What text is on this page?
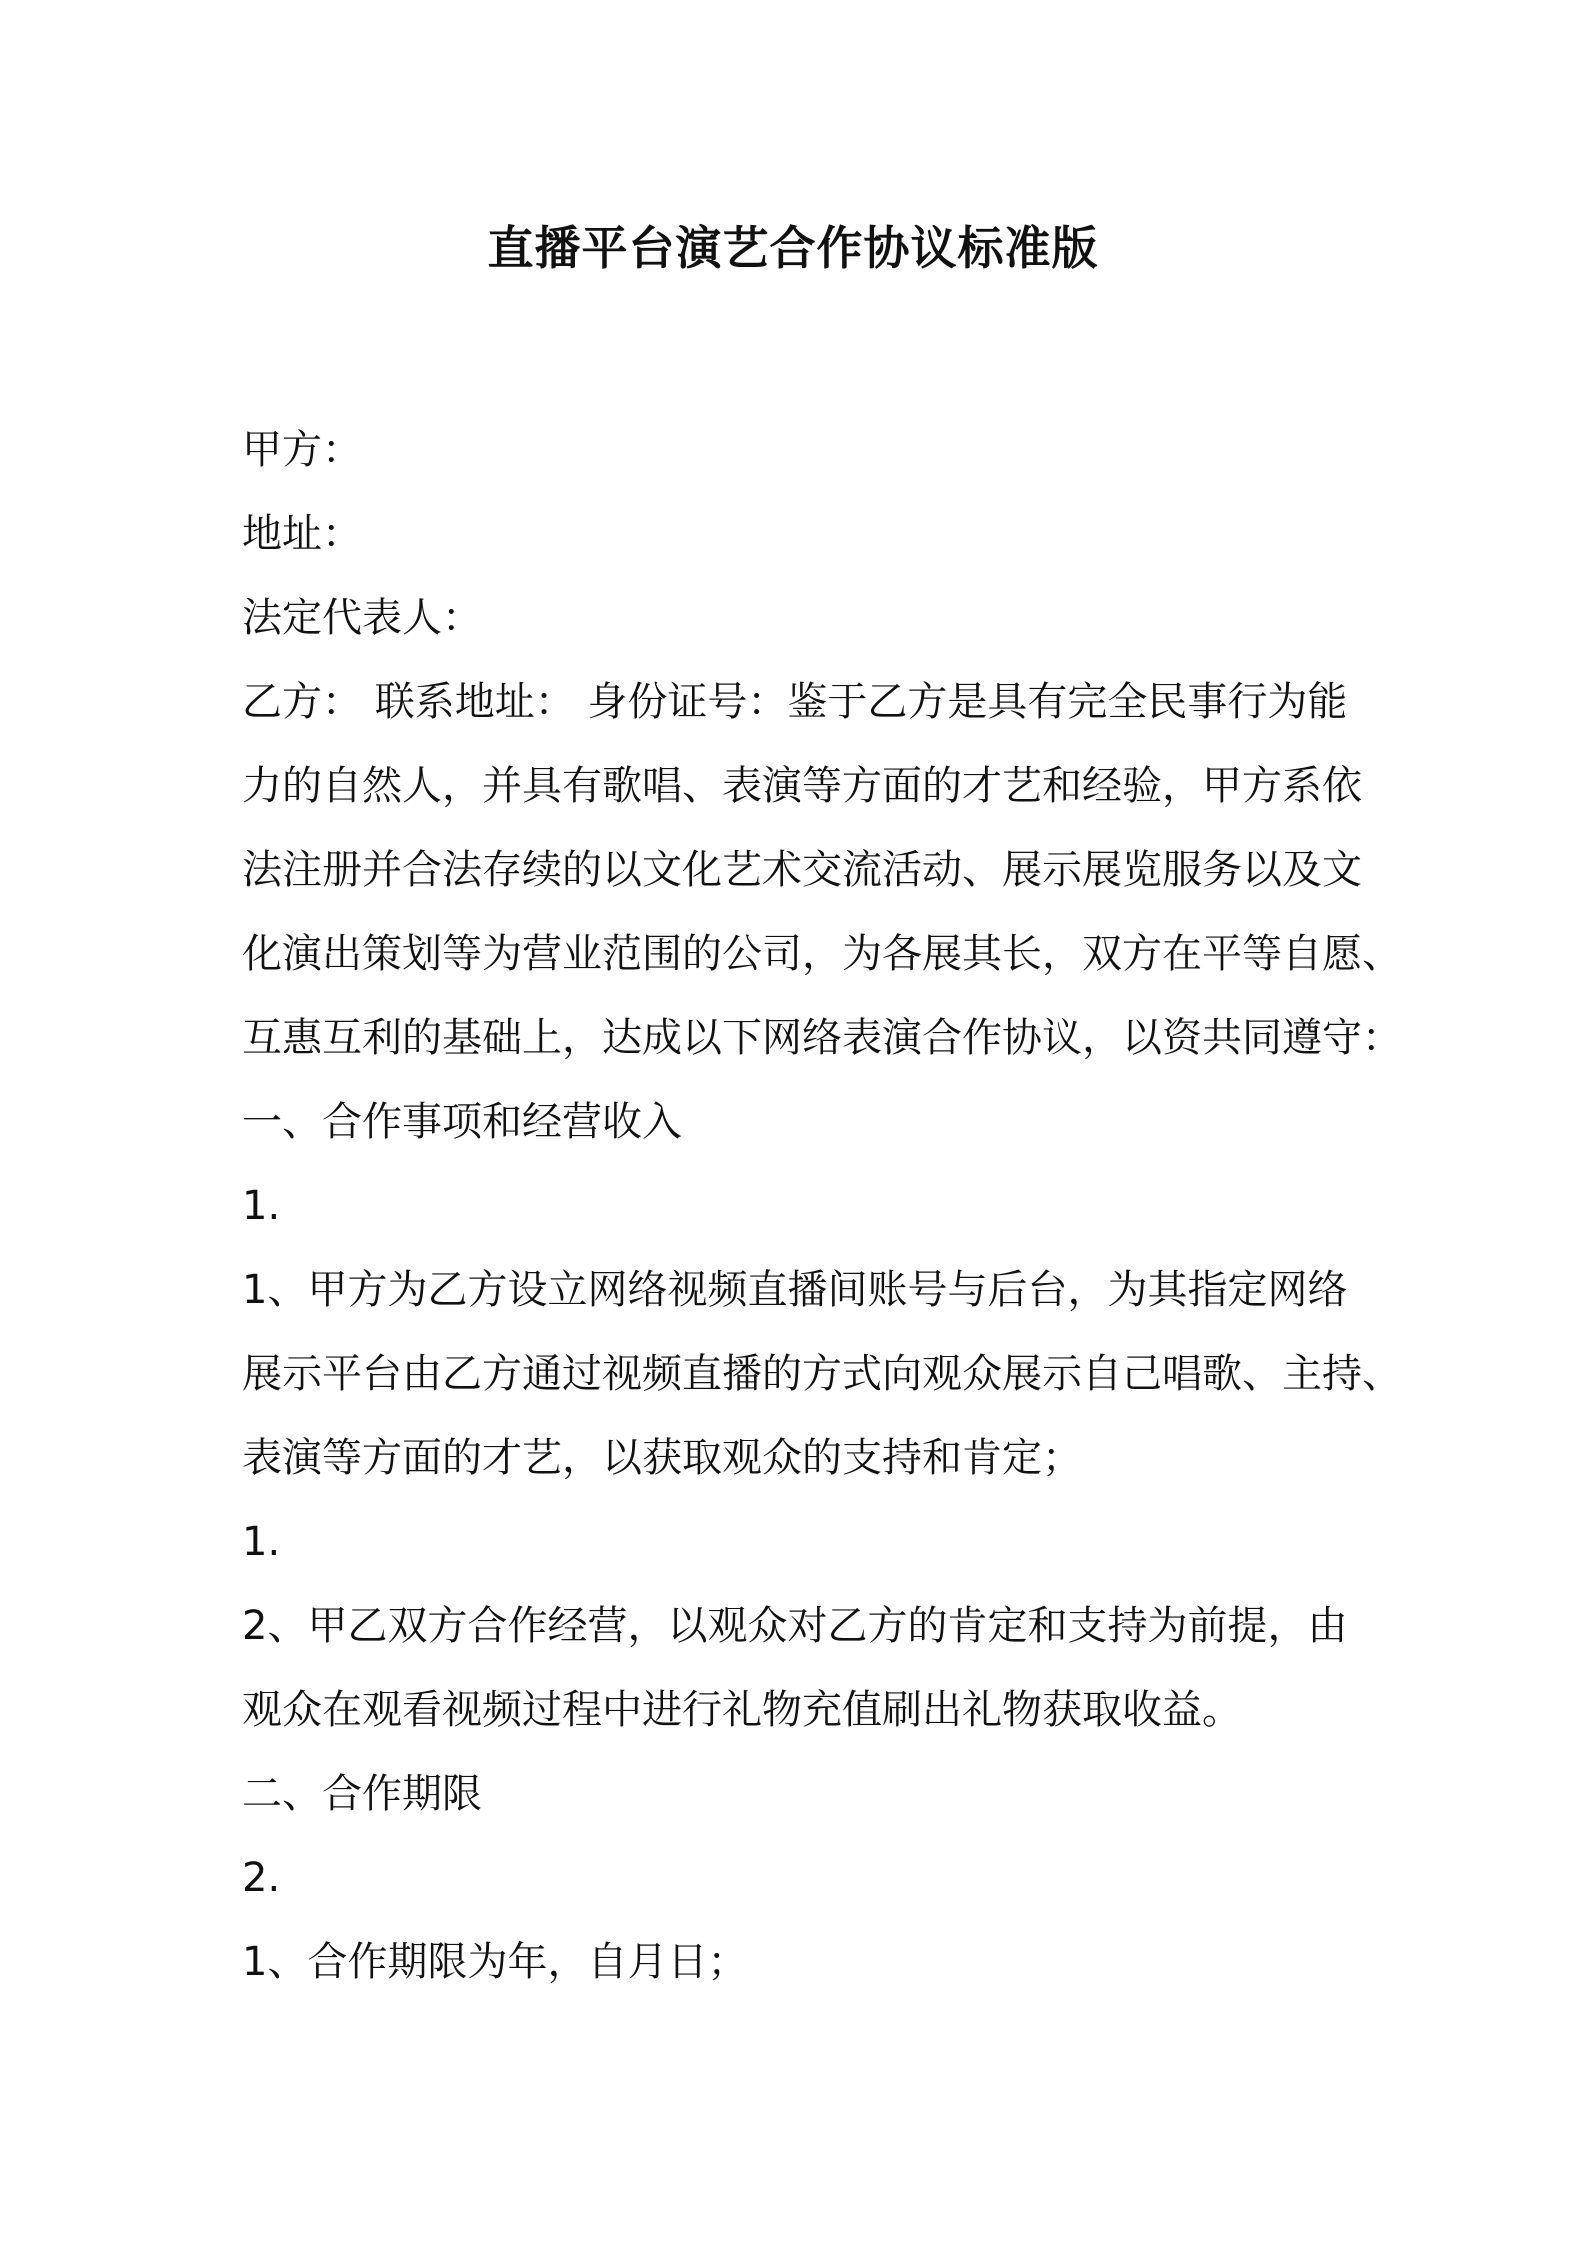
直播平台演艺合作协议标准版
甲方：
地址：
法定代表人：
乙方： 联系地址： 身份证号：鉴于乙方是具有完全民事行为能
力的自然人，并具有歌唱、表演等方面的才艺和经验，甲方系依
法注册并合法存续的以文化艺术交流活动、展示展览服务以及文
化演出策划等为营业范围的公司，为各展其长，双方在平等自愿、
互惠互利的基础上，达成以下网络表演合作协议，以资共同遵守：
一、合作事项和经营收入
1.
1、甲方为乙方设立网络视频直播间账号与后台，为其指定网络
展示平台由乙方通过视频直播的方式向观众展示自己唱歌、主持、
表演等方面的才艺，以获取观众的支持和肯定；
1.
2、甲乙双方合作经营，以观众对乙方的肯定和支持为前提，由
观众在观看视频过程中进行礼物充值刷出礼物获取收益。
二、合作期限
2.
1、合作期限为年，自月日；
